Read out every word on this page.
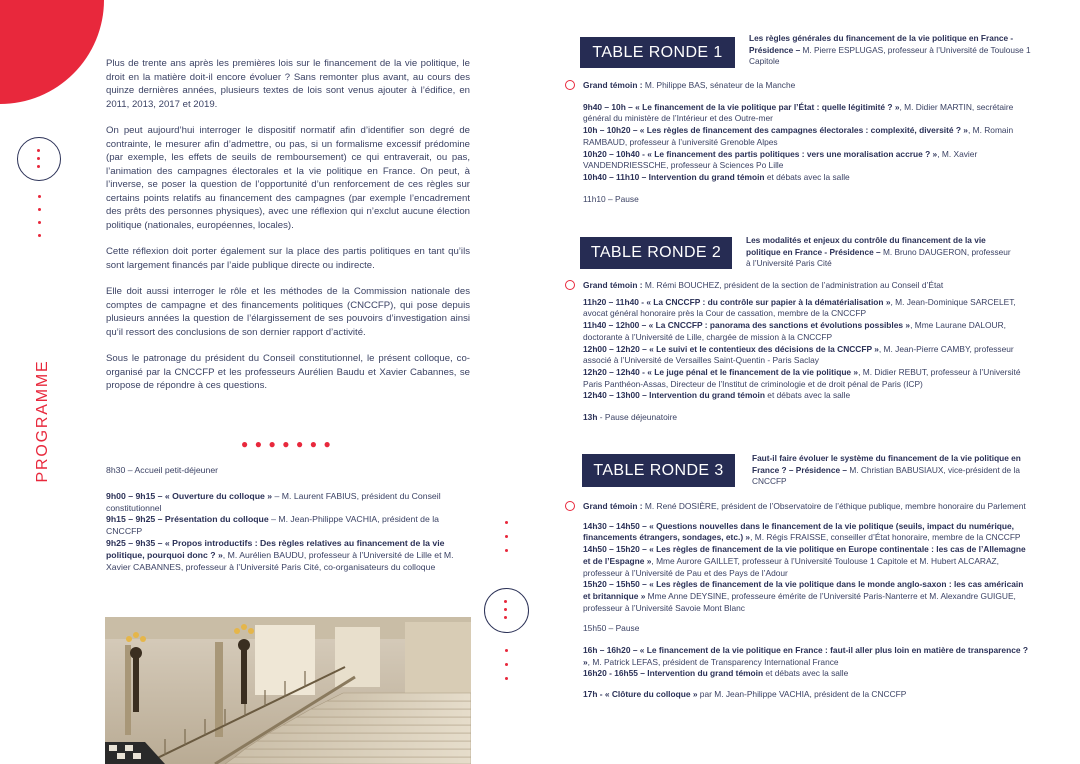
PROGRAMME

Plus de trente ans après les premières lois sur le financement de la vie politique, le droit en la matière doit-il encore évoluer ? Sans remonter plus avant, au cours des quinze dernières années, plusieurs textes de lois sont venus ajouter à l’édifice, en 2011, 2013, 2017 et 2019.

On peut aujourd’hui interroger le dispositif normatif afin d’identifier son degré de contrainte, le mesurer afin d’admettre, ou pas, si un formalisme excessif prédomine (par exemple, les effets de seuils de remboursement) ce qui entraverait, ou pas, l’animation des campagnes électorales et la vie politique en France. On peut, à l’inverse, se poser la question de l’opportunité d’un renforcement de ces règles sur certains points relatifs au financement des campagnes (par exemple l’encadrement des prêts des personnes physiques), avec une réflexion qui n’exclut aucune élection politique (nationales, européennes, locales).

Cette réflexion doit porter également sur la place des partis politiques en tant qu’ils sont largement financés par l’aide publique directe ou indirecte.

Elle doit aussi interroger le rôle et les méthodes de la Commission nationale des comptes de campagne et des financements politiques (CNCCFP), qui pose depuis plusieurs années la question de l’élargissement de ses pouvoirs d’investigation ainsi qu’il ressort des conclusions de son dernier rapport d’activité.

Sous le patronage du président du Conseil constitutionnel, le présent colloque, co-organisé par la CNCCFP et les professeurs Aurélien Baudu et Xavier Cabannes, se propose de répondre à ces questions.

●●●●●●●

8h30 – Accueil petit-déjeuner

9h00 – 9h15 – « Ouverture du colloque » – M. Laurent FABIUS, président du Conseil constitutionnel

9h15 – 9h25 – Présentation du colloque – M. Jean-Philippe VACHIA, président de la CNCCFP

9h25 – 9h35 – « Propos introductifs : Des règles relatives au financement de la vie politique, pourquoi donc ? », M. Aurélien BAUDU, professeur à l’Université de Lille et M. Xavier CABANNES, professeur à l’Université Paris Cité, co-organisateurs du colloque

TABLE RONDE 1
Les règles générales du financement de la vie politique en France - Présidence – M. Pierre ESPLUGAS, professeur à l’Université de Toulouse 1 Capitole

Grand témoin : M. Philippe BAS, sénateur de la Manche

9h40 – 10h – « Le financement de la vie politique par l’État : quelle légitimité ? », M. Didier MARTIN, secrétaire général du ministère de l’Intérieur et des Outre-mer

10h – 10h20 – « Les règles de financement des campagnes électorales : complexité, diversité ? », M. Romain RAMBAUD, professeur à l’université Grenoble Alpes

10h20 – 10h40 - « Le financement des partis politiques : vers une moralisation accrue ? », M. Xavier VANDENDRIESSCHE, professeur à Sciences Po Lille

10h40 – 11h10 – Intervention du grand témoin et débats avec la salle

11h10 – Pause

TABLE RONDE 2
Les modalités et enjeux du contrôle du financement de la vie politique en France - Présidence – M. Bruno DAUGERON, professeur à l’Université Paris Cité

Grand témoin : M. Rémi BOUCHEZ, président de la section de l’administration au Conseil d’État

11h20 – 11h40 - « La CNCCFP : du contrôle sur papier à la dématérialisation », M. Jean-Dominique SARCELET, avocat général honoraire près la Cour de cassation, membre de la CNCCFP

11h40 – 12h00 – « La CNCCFP : panorama des sanctions et évolutions possibles », Mme Laurane DALOUR, doctorante à l’Université de Lille, chargée de mission à la CNCCFP

12h00 – 12h20 – « Le suivi et le contentieux des décisions de la CNCCFP », M. Jean-Pierre CAMBY, professeur associé à l’Université de Versailles Saint-Quentin - Paris Saclay

12h20 – 12h40 - « Le juge pénal et le financement de la vie politique », M. Didier REBUT, professeur à l’Université Paris Panthéon-Assas, Directeur de l’Institut de criminologie et de droit pénal de Paris (ICP)

12h40 – 13h00 – Intervention du grand témoin et débats avec la salle

13h - Pause déjeunatoire

TABLE RONDE 3
Faut-il faire évoluer le système du financement de la vie politique en France ? – Présidence – M. Christian BABUSIAUX, vice-président de la CNCCFP

Grand témoin : M. René DOSIÈRE, président de l’Observatoire de l’éthique publique, membre honoraire du Parlement

14h30 – 14h50 – « Questions nouvelles dans le financement de la vie politique (seuils, impact du numérique, financements étrangers, sondages, etc.) », M. Régis FRAISSE, conseiller d’État honoraire, membre de la CNCCFP

14h50 – 15h20 – « Les règles de financement de la vie politique en Europe continentale : les cas de l’Allemagne et de l’Espagne », Mme Aurore GAILLET, professeur à l’Université Toulouse 1 Capitole et M. Hubert ALCARAZ, professeur à l’Université de Pau et des Pays de l’Adour

15h20 – 15h50 – « Les règles de financement de la vie politique dans le monde anglo-saxon : les cas américain et britannique » Mme Anne DEYSINE, professeure émérite de l’Université Paris-Nanterre et M. Alexandre GUIGUE, professeur à l’Université Savoie Mont Blanc

15h50 – Pause

16h – 16h20 – « Le financement de la vie politique en France : faut-il aller plus loin en matière de transparence ? », M. Patrick LEFAS, président de Transparency International France

16h20 - 16h55 – Intervention du grand témoin et débats avec la salle

17h - « Clôture du colloque » par M. Jean-Philippe VACHIA, président de la CNCCFP
